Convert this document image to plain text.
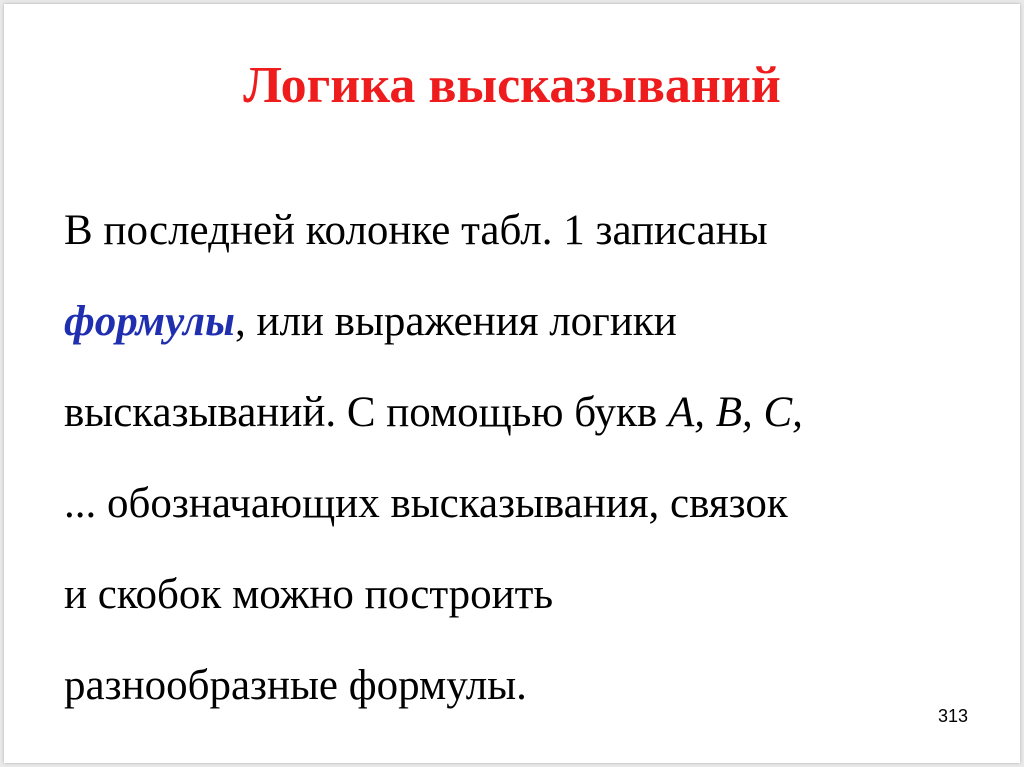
Логика высказываний
В последней колонке табл. 1 записаны
формулы, или выражения логики
высказываний. С помощью букв A, B, C,
... обозначающих высказывания, связок
и скобок можно построить
разнообразные формулы.
313
